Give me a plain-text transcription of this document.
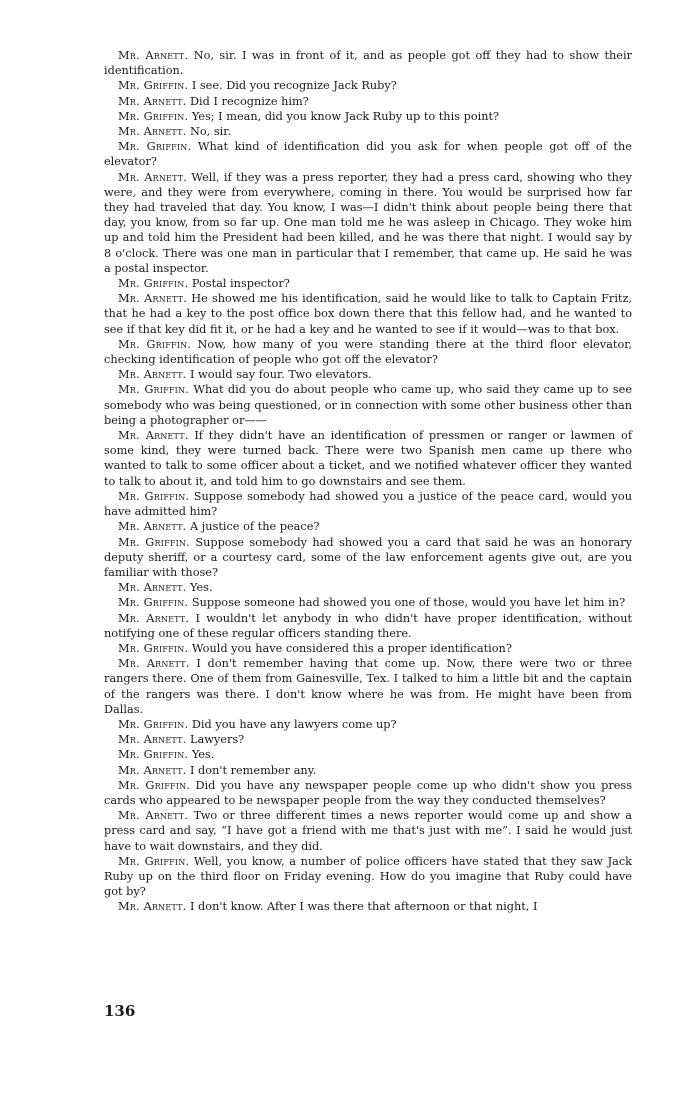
Mr. Arnett. No, sir. I was in front of it, and as people got off they had to show their identification.

Mr. Griffin. I see. Did you recognize Jack Ruby?

Mr. Arnett. Did I recognize him?

Mr. Griffin. Yes; I mean, did you know Jack Ruby up to this point?

Mr. Arnett. No, sir.

Mr. Griffin. What kind of identification did you ask for when people got off of the elevator?

Mr. Arnett. Well, if they was a press reporter, they had a press card, showing who they were, and they were from everywhere, coming in there. You would be surprised how far they had traveled that day. You know, I was—I didn't think about people being there that day, you know, from so far up. One man told me he was asleep in Chicago. They woke him up and told him the President had been killed, and he was there that night. I would say by 8 o'clock. There was one man in particular that I remember, that came up. He said he was a postal inspector.

Mr. Griffin. Postal inspector?

Mr. Arnett. He showed me his identification, said he would like to talk to Captain Fritz, that he had a key to the post office box down there that this fellow had, and he wanted to see if that key did fit it, or he had a key and he wanted to see if it would—was to that box.

Mr. Griffin. Now, how many of you were standing there at the third floor elevator, checking identification of people who got off the elevator?

Mr. Arnett. I would say four. Two elevators.

Mr. Griffin. What did you do about people who came up, who said they came up to see somebody who was being questioned, or in connection with some other business other than being a photographer or——

Mr. Arnett. If they didn't have an identification of pressmen or ranger or lawmen of some kind, they were turned back. There were two Spanish men came up there who wanted to talk to some officer about a ticket, and we notified whatever officer they wanted to talk to about it, and told him to go downstairs and see them.

Mr. Griffin. Suppose somebody had showed you a justice of the peace card, would you have admitted him?

Mr. Arnett. A justice of the peace?

Mr. Griffin. Suppose somebody had showed you a card that said he was an honorary deputy sheriff, or a courtesy card, some of the law enforcement agents give out, are you familiar with those?

Mr. Arnett. Yes.

Mr. Griffin. Suppose someone had showed you one of those, would you have let him in?

Mr. Arnett. I wouldn't let anybody in who didn't have proper identification, without notifying one of these regular officers standing there.

Mr. Griffin. Would you have considered this a proper identification?

Mr. Arnett. I don't remember having that come up. Now, there were two or three rangers there. One of them from Gainesville, Tex. I talked to him a little bit and the captain of the rangers was there. I don't know where he was from. He might have been from Dallas.

Mr. Griffin. Did you have any lawyers come up?

Mr. Arnett. Lawyers?

Mr. Griffin. Yes.

Mr. Arnett. I don't remember any.

Mr. Griffin. Did you have any newspaper people come up who didn't show you press cards who appeared to be newspaper people from the way they conducted themselves?

Mr. Arnett. Two or three different times a news reporter would come up and show a press card and say, “I have got a friend with me that's just with me”. I said he would just have to wait downstairs, and they did.

Mr. Griffin. Well, you know, a number of police officers have stated that they saw Jack Ruby up on the third floor on Friday evening. How do you imagine that Ruby could have got by?

Mr. Arnett. I don't know. After I was there that afternoon or that night, I

136
